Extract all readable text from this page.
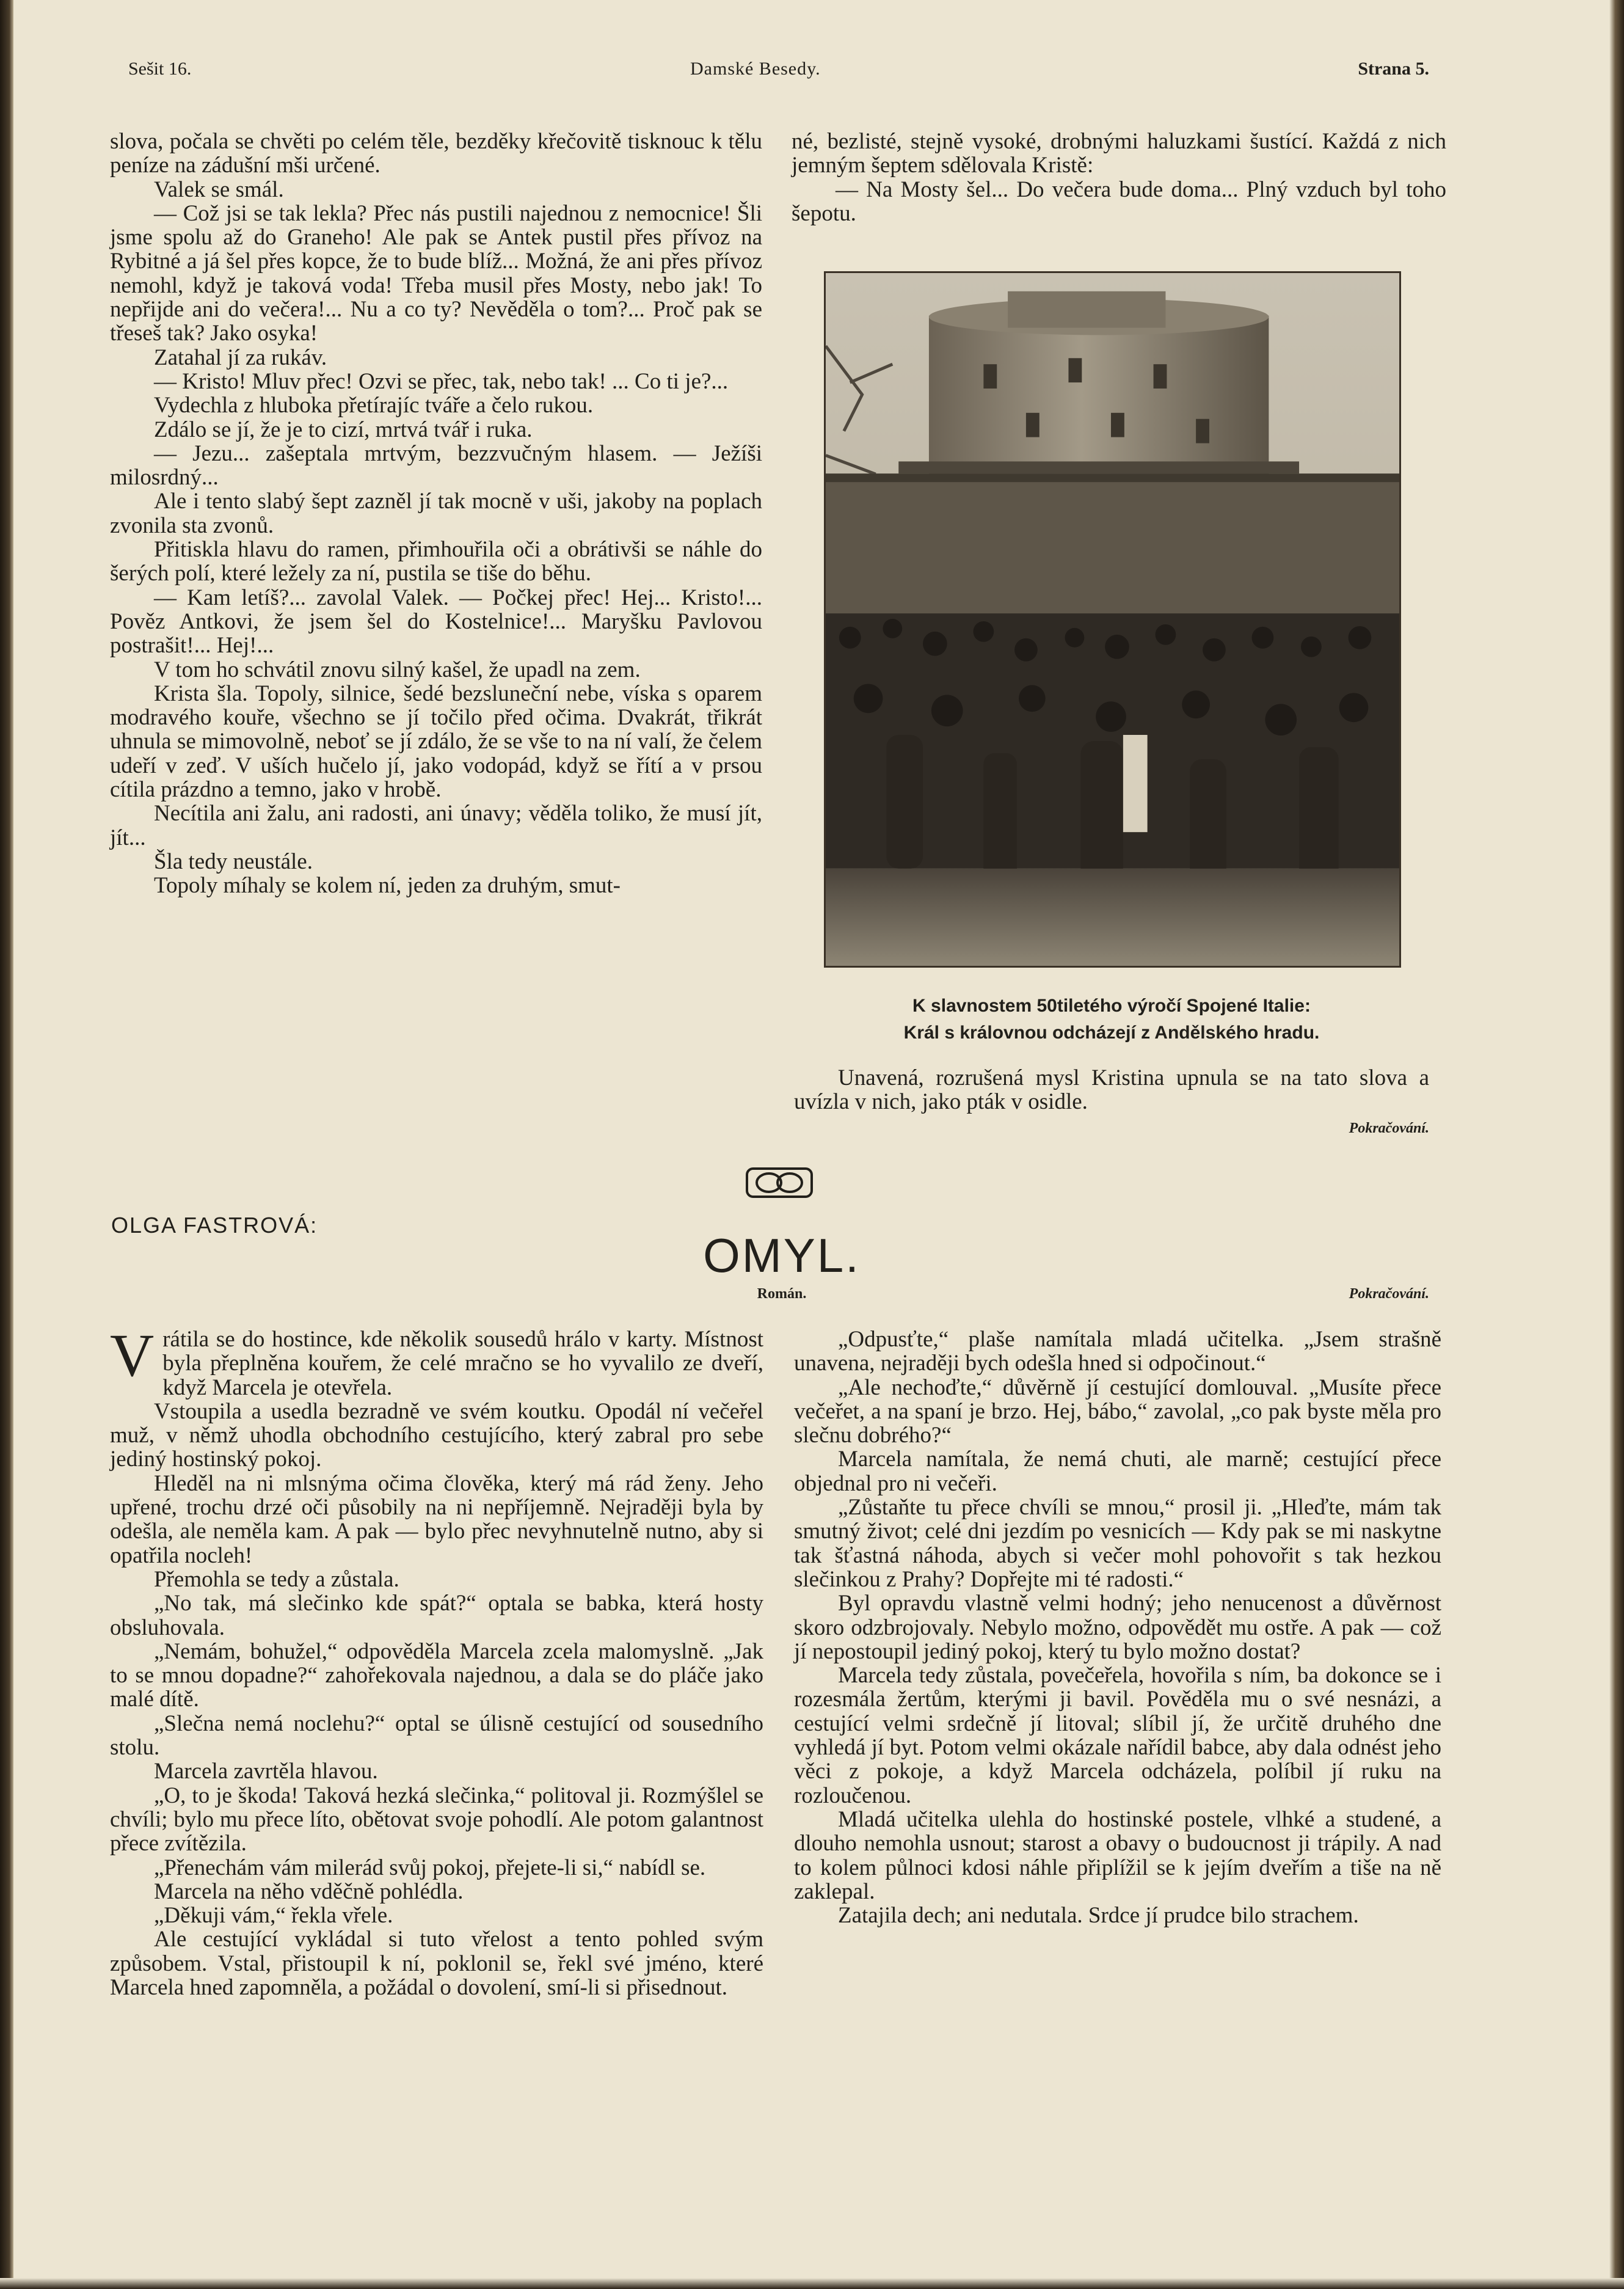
Sešit 16.	Damské Besedy.	Strana 5.

slova, počala se chvěti po celém těle, bezděky křečovitě tisknouc k tělu peníze na zádušní mši určené.

Valek se smál.

— Což jsi se tak lekla? Přec nás pustili najednou z nemocnice! Šli jsme spolu až do Graneho! Ale pak se Antek pustil přes přívoz na Rybitné a já šel přes kopce, že to bude blíž... Možná, že ani přes přívoz nemohl, když je taková voda! Třeba musil přes Mosty, nebo jak! To nepřijde ani do večera!... Nu a co ty? Nevěděla o tom?... Proč pak se třeseš tak? Jako osyka!

Zatahal jí za rukáv.

— Kristo! Mluv přec! Ozvi se přec, tak, nebo tak! ... Co ti je?...

Vydechla z hluboka přetírajíc tváře a čelo rukou.

Zdálo se jí, že je to cizí, mrtvá tvář i ruka.

— Jezu... zašeptala mrtvým, bezzvučným hlasem. — Ježíši milosrdný...

Ale i tento slabý šept zazněl jí tak mocně v uši, jakoby na poplach zvonila sta zvonů.

Přitiskla hlavu do ramen, přimhouřila oči a obrátivši se náhle do šerých polí, které ležely za ní, pustila se tiše do běhu.

— Kam letíš?... zavolal Valek. — Počkej přec! Hej... Kristo!... Pověz Antkovi, že jsem šel do Kostelnice!... Maryšku Pavlovou postrašit!... Hej!...

V tom ho schvátil znovu silný kašel, že upadl na zem.

Krista šla. Topoly, silnice, šedé bezsluneční nebe, víska s oparem modravého kouře, všechno se jí točilo před očima. Dvakrát, třikrát uhnula se mimovolně, neboť se jí zdálo, že se vše to na ní valí, že čelem udeří v zeď. V uších hučelo jí, jako vodopád, když se řítí a v prsou cítila prázdno a temno, jako v hrobě.

Necítila ani žalu, ani radosti, ani únavy; věděla toliko, že musí jít, jít...

Šla tedy neustále.

Topoly míhaly se kolem ní, jeden za druhým, smut-

né, bezlisté, stejně vysoké, drobnými haluzkami šustící. Každá z nich jemným šeptem sdělovala Kristě:

— Na Mosty šel... Do večera bude doma... Plný vzduch byl toho šepotu.

K slavnostem 50tiletého výročí Spojené Italie:
Král s královnou odcházejí z Andělského hradu.

Unavená, rozrušená mysl Kristina upnula se na tato slova a uvízla v nich, jako pták v osidle.

Pokračování.
OLGA FASTROVÁ:
OMYL.
Román.	Pokračování.

Vrátila se do hostince, kde několik sousedů hrálo v karty. Místnost byla přeplněna kouřem, že celé mračno se ho vyvalilo ze dveří, když Marcela je otevřela.

Vstoupila a usedla bezradně ve svém koutku. Opodál ní večeřel muž, v němž uhodla obchodního cestujícího, který zabral pro sebe jediný hostinský pokoj.

Hleděl na ni mlsnýma očima člověka, který má rád ženy. Jeho upřené, trochu drzé oči působily na ni nepříjemně. Nejraději byla by odešla, ale neměla kam. A pak — bylo přec nevyhnutelně nutno, aby si opatřila nocleh!

Přemohla se tedy a zůstala.

„No tak, má slečinko kde spát?“ optala se babka, která hosty obsluhovala.

„Nemám, bohužel,“ odpověděla Marcela zcela malomyslně. „Jak to se mnou dopadne?“ zahořekovala najednou, a dala se do pláče jako malé dítě.

„Slečna nemá noclehu?“ optal se úlisně cestující od sousedního stolu.

Marcela zavrtěla hlavou.

„O, to je škoda! Taková hezká slečinka,“ politoval ji. Rozmýšlel se chvíli; bylo mu přece líto, obětovat svoje pohodlí. Ale potom galantnost přece zvítězila.

„Přenechám vám milerád svůj pokoj, přejete-li si,“ nabídl se.

Marcela na něho vděčně pohlédla.

„Děkuji vám,“ řekla vřele.

Ale cestující vykládal si tuto vřelost a tento pohled svým způsobem. Vstal, přistoupil k ní, poklonil se, řekl své jméno, které Marcela hned zapomněla, a požádal o dovolení, smí-li si přisednout.

„Odpusťte,“ plaše namítala mladá učitelka. „Jsem strašně unavena, nejraději bych odešla hned si odpočinout.“

„Ale nechoďte,“ důvěrně jí cestující domlouval. „Musíte přece večeřet, a na spaní je brzo. Hej, bábo,“ zavolal, „co pak byste měla pro slečnu dobrého?“

Marcela namítala, že nemá chuti, ale marně; cestující přece objednal pro ni večeři.

„Zůstaňte tu přece chvíli se mnou,“ prosil ji. „Hleďte, mám tak smutný život; celé dni jezdím po vesnicích — Kdy pak se mi naskytne tak šťastná náhoda, abych si večer mohl pohovořit s tak hezkou slečinkou z Prahy? Dopřejte mi té radosti.“

Byl opravdu vlastně velmi hodný; jeho nenucenost a důvěrnost skoro odzbrojovaly. Nebylo možno, odpovědět mu ostře. A pak — což jí nepostoupil jediný pokoj, který tu bylo možno dostat?

Marcela tedy zůstala, povečeřela, hovořila s ním, ba dokonce se i rozesmála žertům, kterými ji bavil. Pověděla mu o své nesnázi, a cestující velmi srdečně jí litoval; slíbil jí, že určitě druhého dne vyhledá jí byt. Potom velmi okázale nařídil babce, aby dala odnést jeho věci z pokoje, a když Marcela odcházela, políbil jí ruku na rozloučenou.

Mladá učitelka ulehla do hostinské postele, vlhké a studené, a dlouho nemohla usnout; starost a obavy o budoucnost ji trápily. A nad to kolem půlnoci kdosi náhle připlížil se k jejím dveřím a tiše na ně zaklepal.

Zatajila dech; ani nedutala. Srdce jí prudce bilo strachem.
